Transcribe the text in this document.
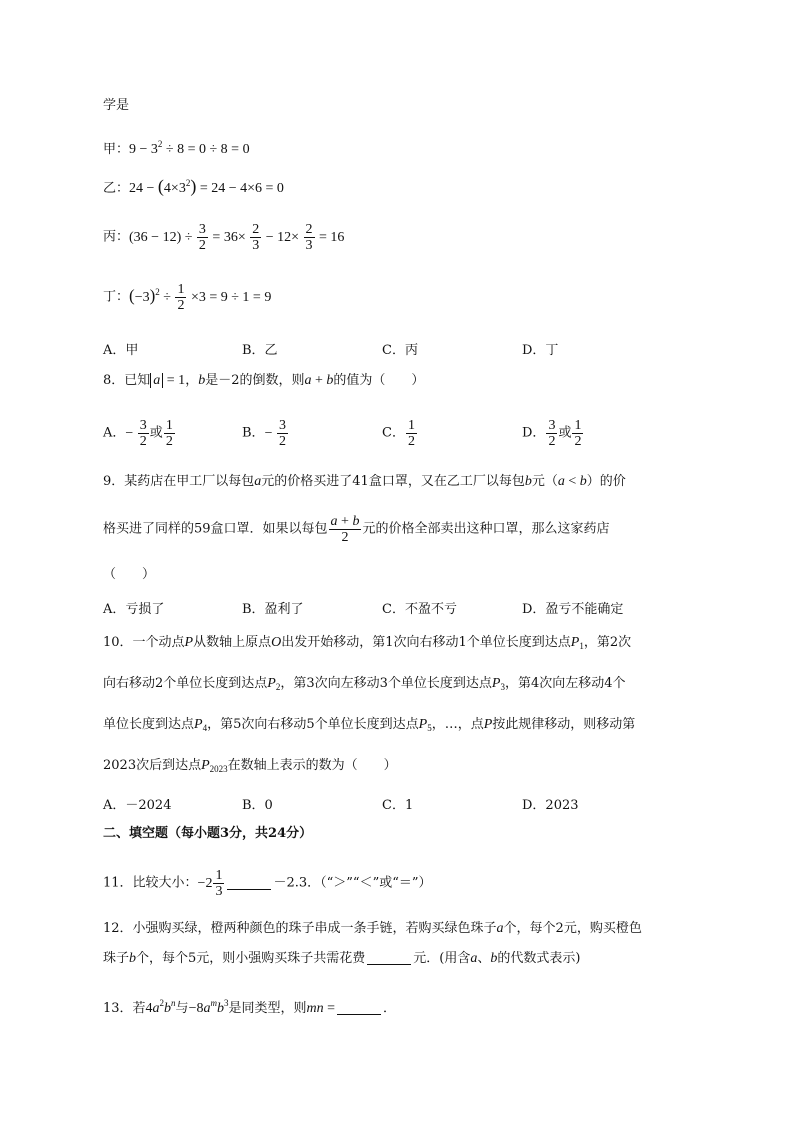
学是
甲：$9 - 3^2 \div 8 = 0 \div 8 = 0$
乙：$24 - (4\times 3^2) = 24 - 4\times 6 = 0$
丙：$(36 - 12) \div \frac{3}{2} = 36\times \frac{2}{3} - 12\times \frac{2}{3} = 16$
丁：$(-3)^2 \div \frac{1}{2} \times 3 = 9 \div 1 = 9$
A．甲	B．乙	C．丙	D．丁
8．已知 a = 1，b是－2的倒数，则a + b的值为（　　）
A．− $\frac{3}{2}$ 或 $\frac{1}{2}$	B．− $\frac{3}{2}$	C． $\frac{1}{2}$	D． $\frac{3}{2}$ 或 $\frac{1}{2}$
9．某药店在甲工厂以每包a元的价格买进了41盒口罩，又在乙工厂以每包b元（a < b）的价
格买进了同样的59盒口罩．如果以每包 $\frac{a + b}{2}$ 元的价格全部卖出这种口罩，那么这家药店
（　　）
A．亏损了	B．盈利了	C．不盈不亏	D．盈亏不能确定
10．一个动点P从数轴上原点O出发开始移动，第1次向右移动1个单位长度到达点$P_1$，第2次
向右移动2个单位长度到达点$P_2$，第3次向左移动3个单位长度到达点$P_3$，第4次向左移动4个
单位长度到达点$P_4$，第5次向右移动5个单位长度到达点$P_5$，…，点P按此规律移动，则移动第
2023次后到达点$P_{2023}$在数轴上表示的数为（　　）
A．－2024	B．0	C．1	D．2023
二、填空题（每小题3分，共24分）
11．比较大小：$-2 \frac{1}{3}$	－2.3．（“＞”“＜”或“＝”）
12．小强购买绿，橙两种颜色的珠子串成一条手链，若购买绿色珠子a个，每个2元，购买橙色
珠子b个，每个5元，则小强购买珠子共需花费	元．(用含a、b的代数式表示)
13．若$4a^2b^n$与$-8a^mb^3$是同类型，则mn =	．
